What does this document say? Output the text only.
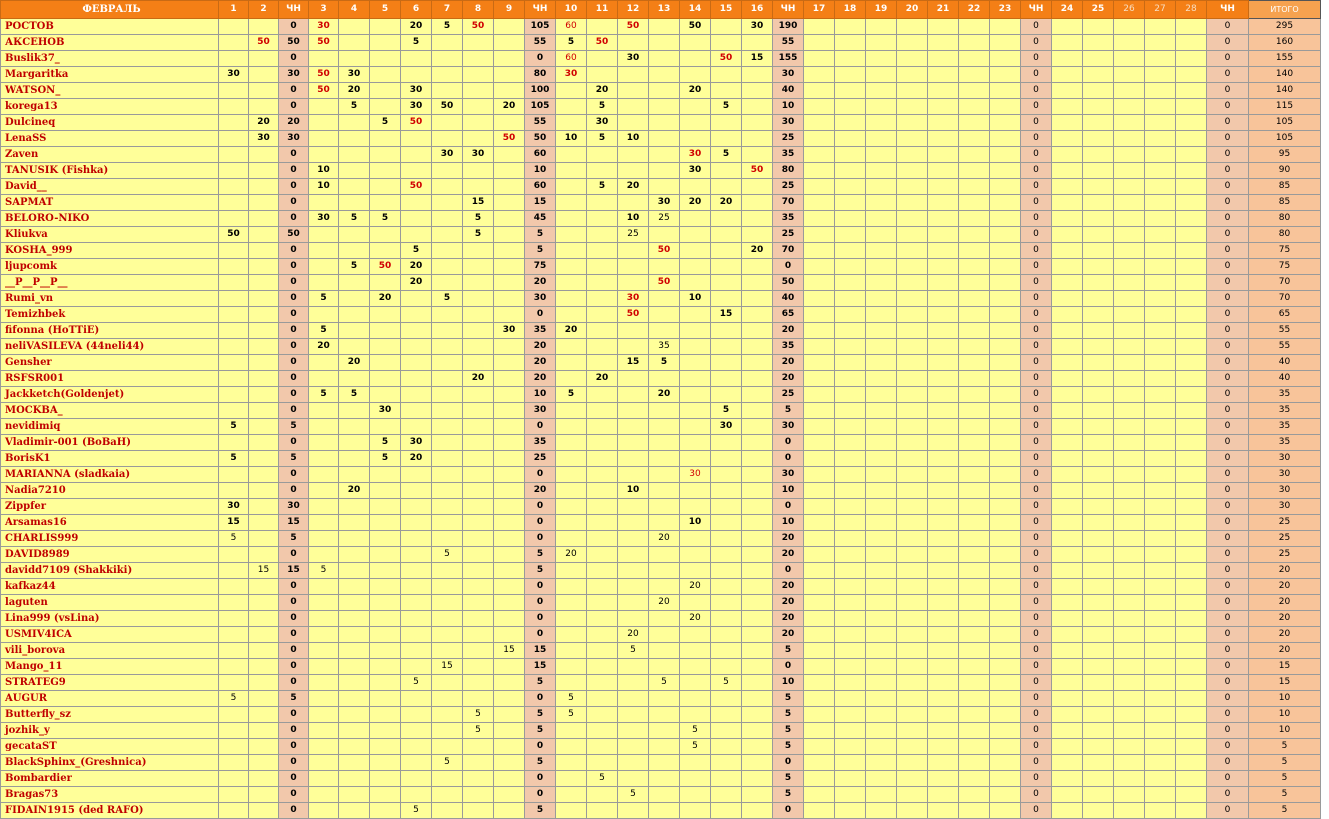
ФЕВРАЛЬ	1	2	ЧН	3	4	5	6	7	8	9	ЧН	10	11	12	13	14	15	16	ЧН	17	18	19	20	21	22	23	ЧН	24	25	26	27	28	ЧН	ИТОГО
РОСТОВ			0	30			20	5	50		105	60		50		50		30	190								0						0	295
АКСЕНОВ		50	50	50			5				55	5	50						55								0						0	160
Buslik37_			0								0	60		30			50	15	155								0						0	155
Margaritka	30		30	50	30						80	30							30								0						0	140
WATSON_			0	50	20		30				100		20			20			40								0						0	140
korega13			0		5		30	50		20	105		5				5		10								0						0	115
Dulcineq		20	20			5	50				55		30						30								0						0	105
LenaSS		30	30							50	50	10	5	10					25								0						0	105
Zaven			0					30	30		60					30	5		35								0						0	95
TANUSIK (Fishka)			0	10							10					30		50	80								0						0	90
David__			0	10			50				60		5	20					25								0						0	85
SAPMAT			0						15		15				30	20	20		70								0						0	85
BELORO-NIKO			0	30	5	5			5		45			10	25				35								0						0	80
Kliukva	50		50						5		5			25					25								0						0	80
KOSHA_999			0				5				5				50			20	70								0						0	75
ljupcomk			0		5	50	20				75								0								0						0	75
__P__P__P__			0				20				20				50				50								0						0	70
Rumi_vn			0	5		20		5			30			30		10			40								0						0	70
Temizhbek			0								0			50			15		65								0						0	65
fifonna (HoTTiE)			0	5						30	35	20							20								0						0	55
neliVASILEVA (44neli44)			0	20							20				35				35								0						0	55
Gensher			0		20						20			15	5				20								0						0	40
RSFSR001			0						20		20		20						20								0						0	40
Jackketch(Goldenjet)			0	5	5						10	5			20				25								0						0	35
MOCKBA_			0			30					30						5		5								0						0	35
nevidimiq	5		5								0						30		30								0						0	35
Vladimir-001 (BoBaH)			0			5	30				35								0								0						0	35
BorisK1	5		5			5	20				25								0								0						0	30
MARIANNA (sladkaia)			0								0					30			30								0						0	30
Nadia7210			0		20						20			10					10								0						0	30
Zippfer	30		30								0								0								0						0	30
Arsamas16	15		15								0					10			10								0						0	25
CHARLIS999	5		5								0				20				20								0						0	25
DAVID8989			0					5			5	20							20								0						0	25
davidd7109 (Shakkiki)		15	15	5							5								0								0						0	20
kafkaz44			0								0					20			20								0						0	20
laguten			0								0				20				20								0						0	20
Lina999 (vsLina)			0								0					20			20								0						0	20
USMIV4ICA			0								0			20					20								0						0	20
vili_borova			0							15	15			5					5								0						0	20
Mango_11			0					15			15								0								0						0	15
STRATEG9			0				5				5				5		5		10								0						0	15
AUGUR	5		5								0	5							5								0						0	10
Butterfly_sz			0						5		5	5							5								0						0	10
jozhik_y			0						5		5					5			5								0						0	10
gecataST			0								0					5			5								0						0	5
BlackSphinx_(Greshnica)			0					5			5								0								0						0	5
Bombardier			0								0		5						5								0						0	5
Bragas73			0								0			5					5								0						0	5
FIDAIN1915 (ded RAFO)			0				5				5								0								0						0	5
